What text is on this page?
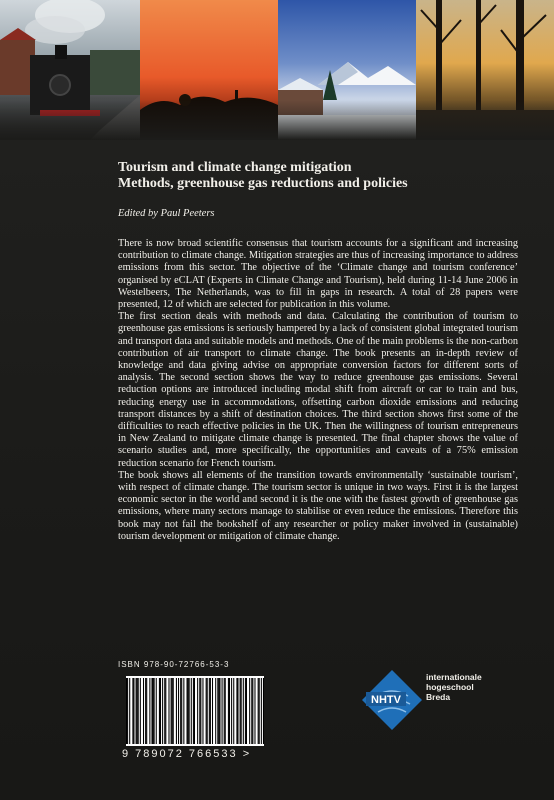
Tourism and climate change mitigation

Methods, greenhouse gas reductions and policies

Edited by Paul Peeters

There is now broad scientific consensus that tourism accounts for a significant and increasing contribution to climate change. Mitigation strategies are thus of increasing importance to address emissions from this sector. The objective of the ‘Climate change and tourism conference’ organised by eCLAT (Experts in Climate Change and Tourism), held during 11-14 June 2006 in Westelbeers, The Netherlands, was to fill in gaps in research. A total of 28 papers were presented, 12 of which are selected for publication in this volume.

The first section deals with methods and data. Calculating the contribution of tourism to greenhouse gas emissions is seriously hampered by a lack of consistent global integrated tourism and transport data and suitable models and methods. One of the main problems is the non-carbon contribution of air transport to climate change. The book presents an in-depth review of knowledge and data giving advise on appropriate conversion factors for different sorts of analysis. The second section shows the way to reduce greenhouse gas emissions. Several reduction options are introduced including modal shift from aircraft or car to train and bus, reducing energy use in accommodations, offsetting carbon dioxide emissions and reducing transport distances by a shift of destination choices. The third section shows first some of the difficulties to reach effective policies in the UK. Then the willingness of tourism entrepreneurs in New Zealand to mitigate climate change is presented. The final chapter shows the value of scenario studies and, more specifically, the opportunities and caveats of a 75% emission reduction scenario for French tourism.

The book shows all elements of the transition towards environmentally ‘sustainable tourism’, with respect of climate change. The tourism sector is unique in two ways. First it is the largest economic sector in the world and second it is the one with the fastest growth of greenhouse gas emissions, where many sectors manage to stabilise or even reduce the emissions. Therefore this book may not fail the bookshelf of any researcher or policy maker involved in (sustainable) tourism development or mitigation of climate change.

ISBN 978-90-72766-53-3
9 789072 766533 >
NHTV
internationale
hogeschool
Breda
